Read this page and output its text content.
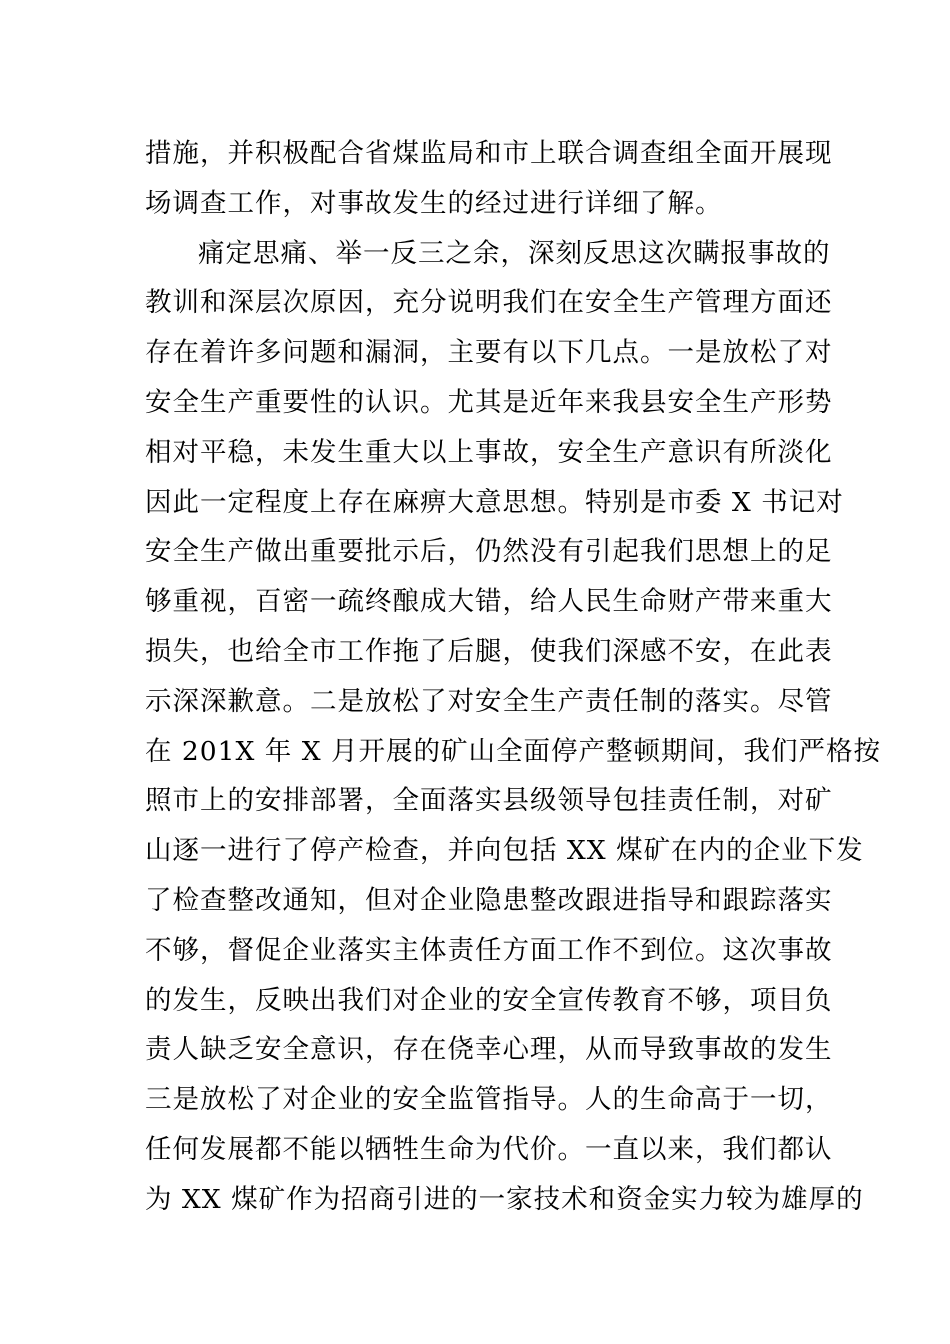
措施，并积极配合省煤监局和市上联合调查组全面开展现
场调查工作，对事故发生的经过进行详细了解。
痛定思痛、举一反三之余，深刻反思这次瞒报事故的
教训和深层次原因，充分说明我们在安全生产管理方面还
存在着许多问题和漏洞，主要有以下几点。一是放松了对
安全生产重要性的认识。尤其是近年来我县安全生产形势
相对平稳，未发生重大以上事故，安全生产意识有所淡化
因此一定程度上存在麻痹大意思想。特别是市委 X 书记对
安全生产做出重要批示后，仍然没有引起我们思想上的足
够重视，百密一疏终酿成大错，给人民生命财产带来重大
损失，也给全市工作拖了后腿，使我们深感不安，在此表
示深深歉意。二是放松了对安全生产责任制的落实。尽管
在 201X 年 X 月开展的矿山全面停产整顿期间，我们严格按
照市上的安排部署，全面落实县级领导包挂责任制，对矿
山逐一进行了停产检查，并向包括 XX 煤矿在内的企业下发
了检查整改通知，但对企业隐患整改跟进指导和跟踪落实
不够，督促企业落实主体责任方面工作不到位。这次事故
的发生，反映出我们对企业的安全宣传教育不够，项目负
责人缺乏安全意识，存在侥幸心理，从而导致事故的发生
三是放松了对企业的安全监管指导。人的生命高于一切，
任何发展都不能以牺牲生命为代价。一直以来，我们都认
为 XX 煤矿作为招商引进的一家技术和资金实力较为雄厚的
